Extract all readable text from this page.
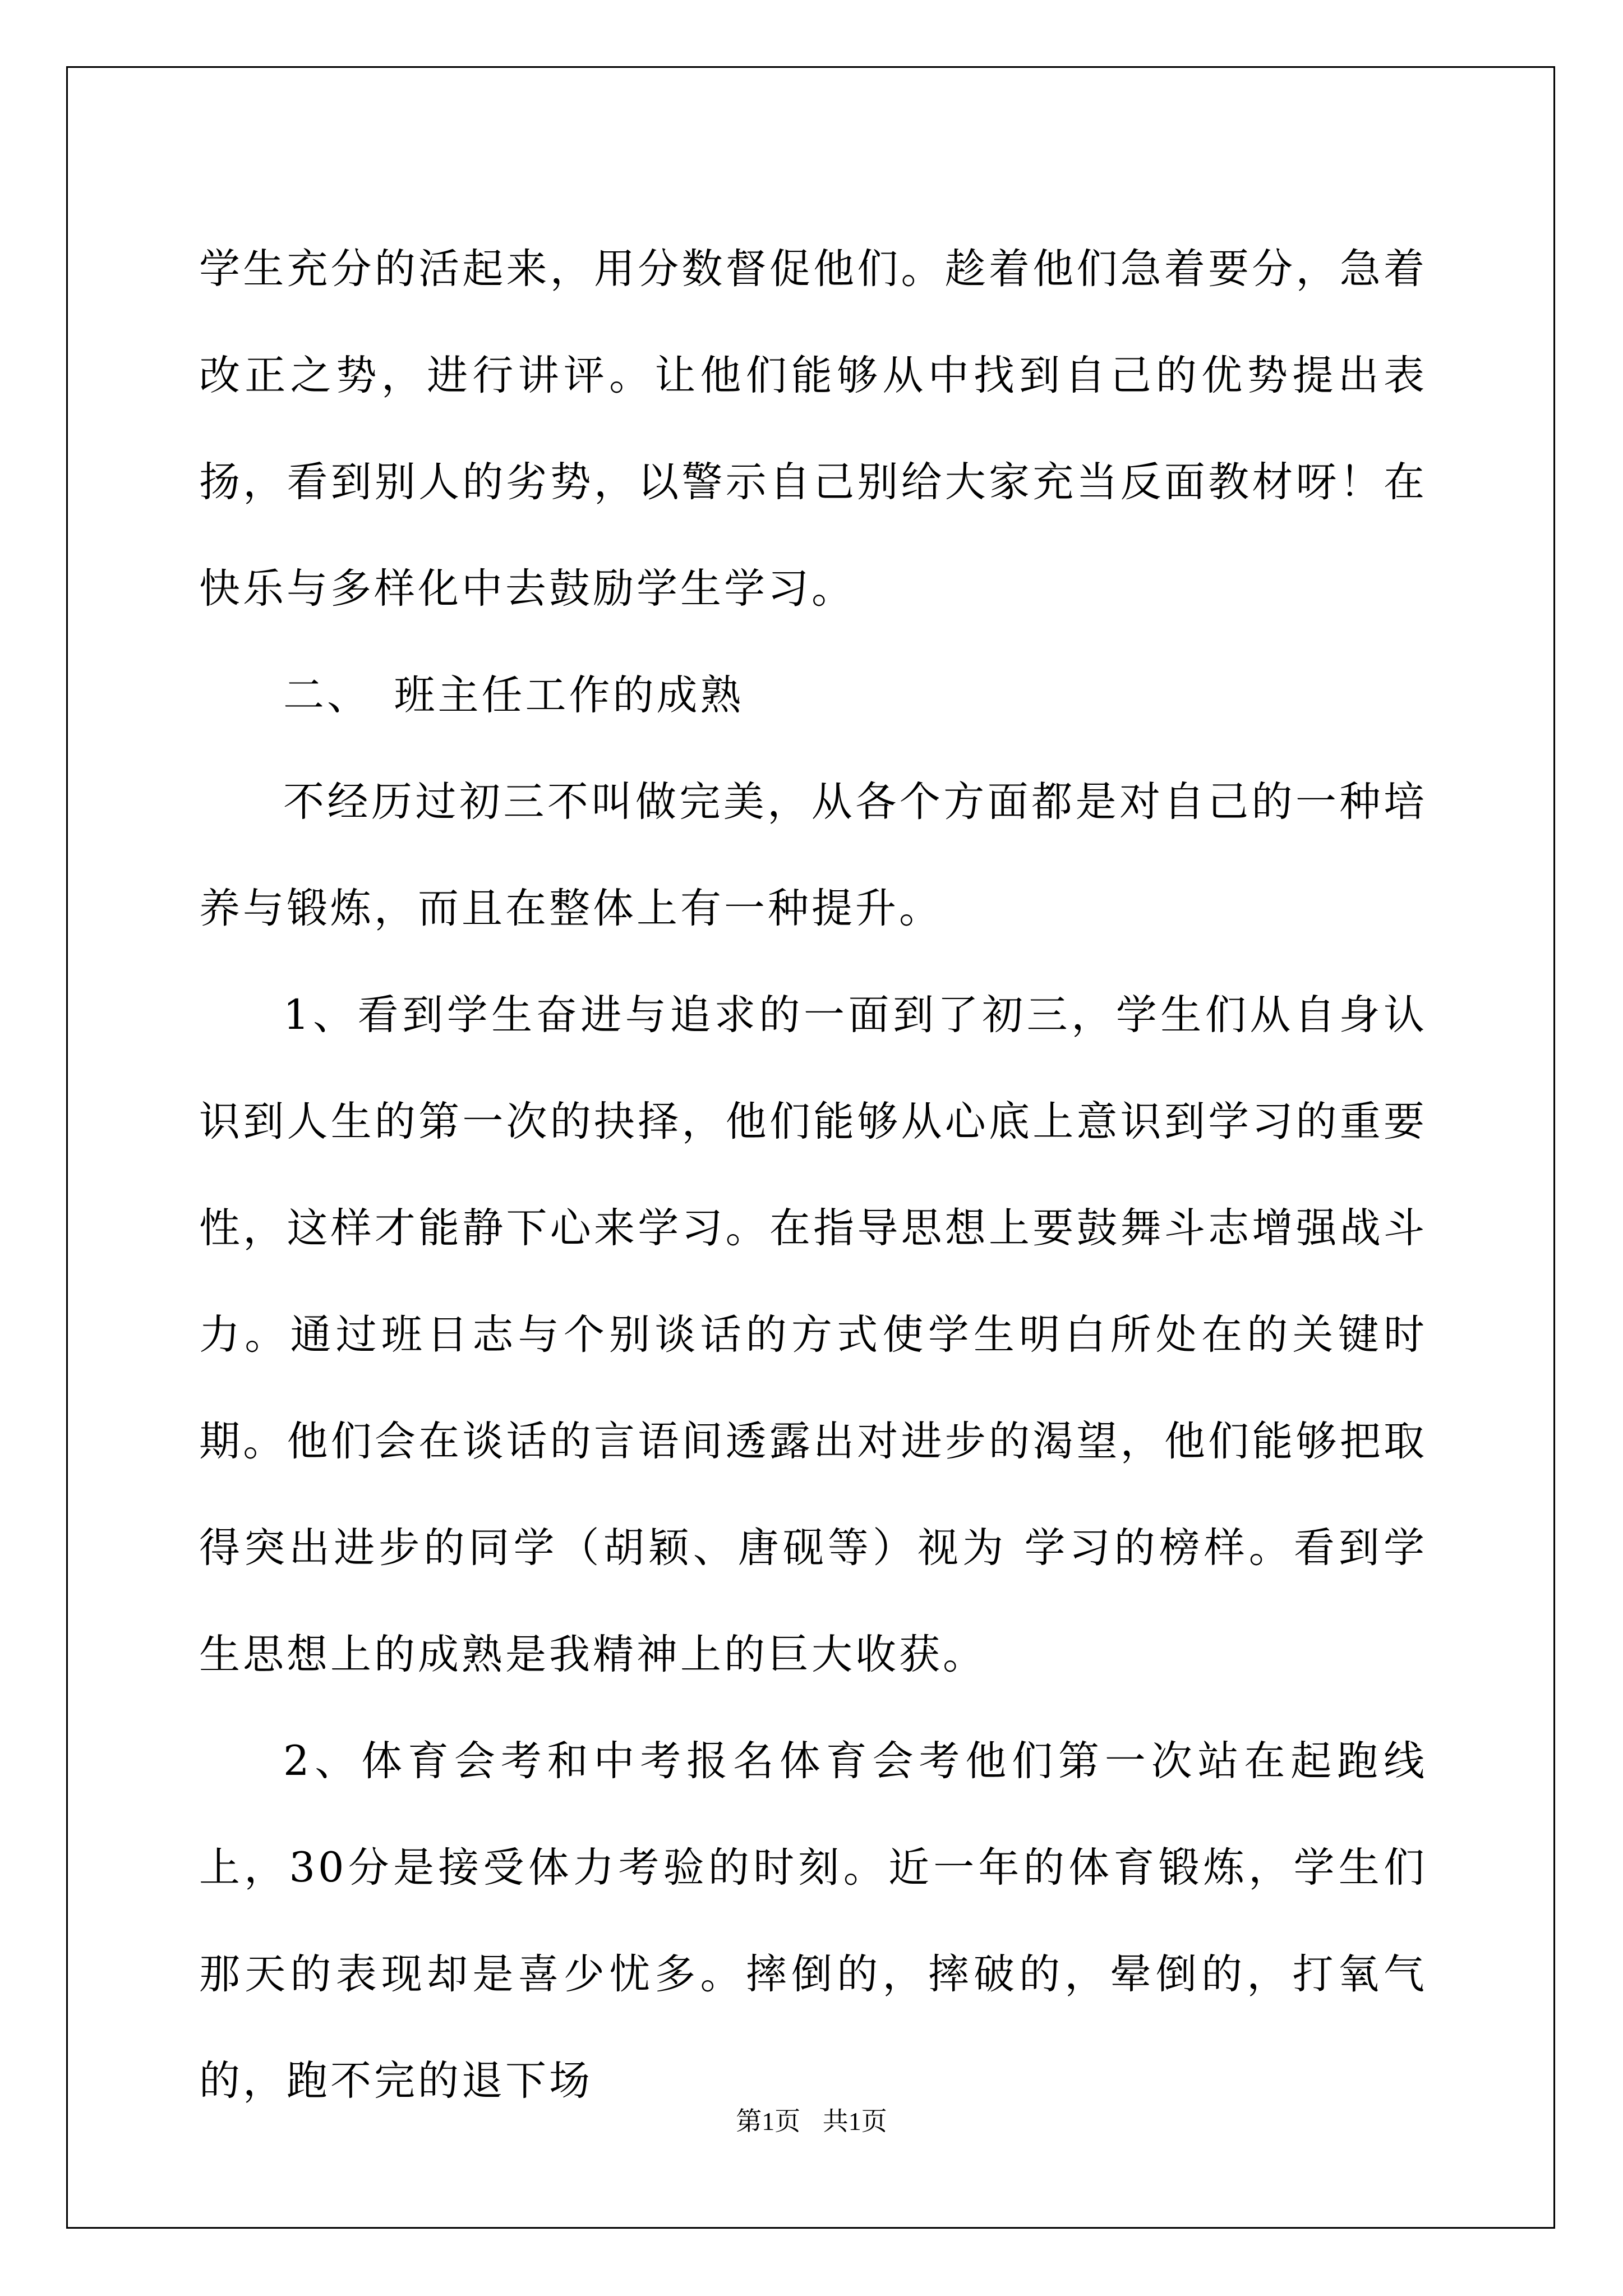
学生充分的活起来，用分数督促他们。趁着他们急着要分，急着改正之势，进行讲评。让他们能够从中找到自己的优势提出表扬，看到别人的劣势，以警示自己别给大家充当反面教材呀！在快乐与多样化中去鼓励学生学习。

二、　班主任工作的成熟

不经历过初三不叫做完美，从各个方面都是对自己的一种培养与锻炼，而且在整体上有一种提升。

1、看到学生奋进与追求的一面到了初三，学生们从自身认识到人生的第一次的抉择，他们能够从心底上意识到学习的重要性，这样才能静下心来学习。在指导思想上要鼓舞斗志增强战斗力。通过班日志与个别谈话的方式使学生明白所处在的关键时期。他们会在谈话的言语间透露出对进步的渴望，他们能够把取得突出进步的同学（胡颖、唐砚等）视为 学习的榜样。看到学生思想上的成熟是我精神上的巨大收获。

2、体育会考和中考报名体育会考他们第一次站在起跑线上，30分是接受体力考验的时刻。近一年的体育锻炼，学生们那天的表现却是喜少忧多。摔倒的，摔破的，晕倒的，打氧气的，跑不完的退下场

第1页 共1页
